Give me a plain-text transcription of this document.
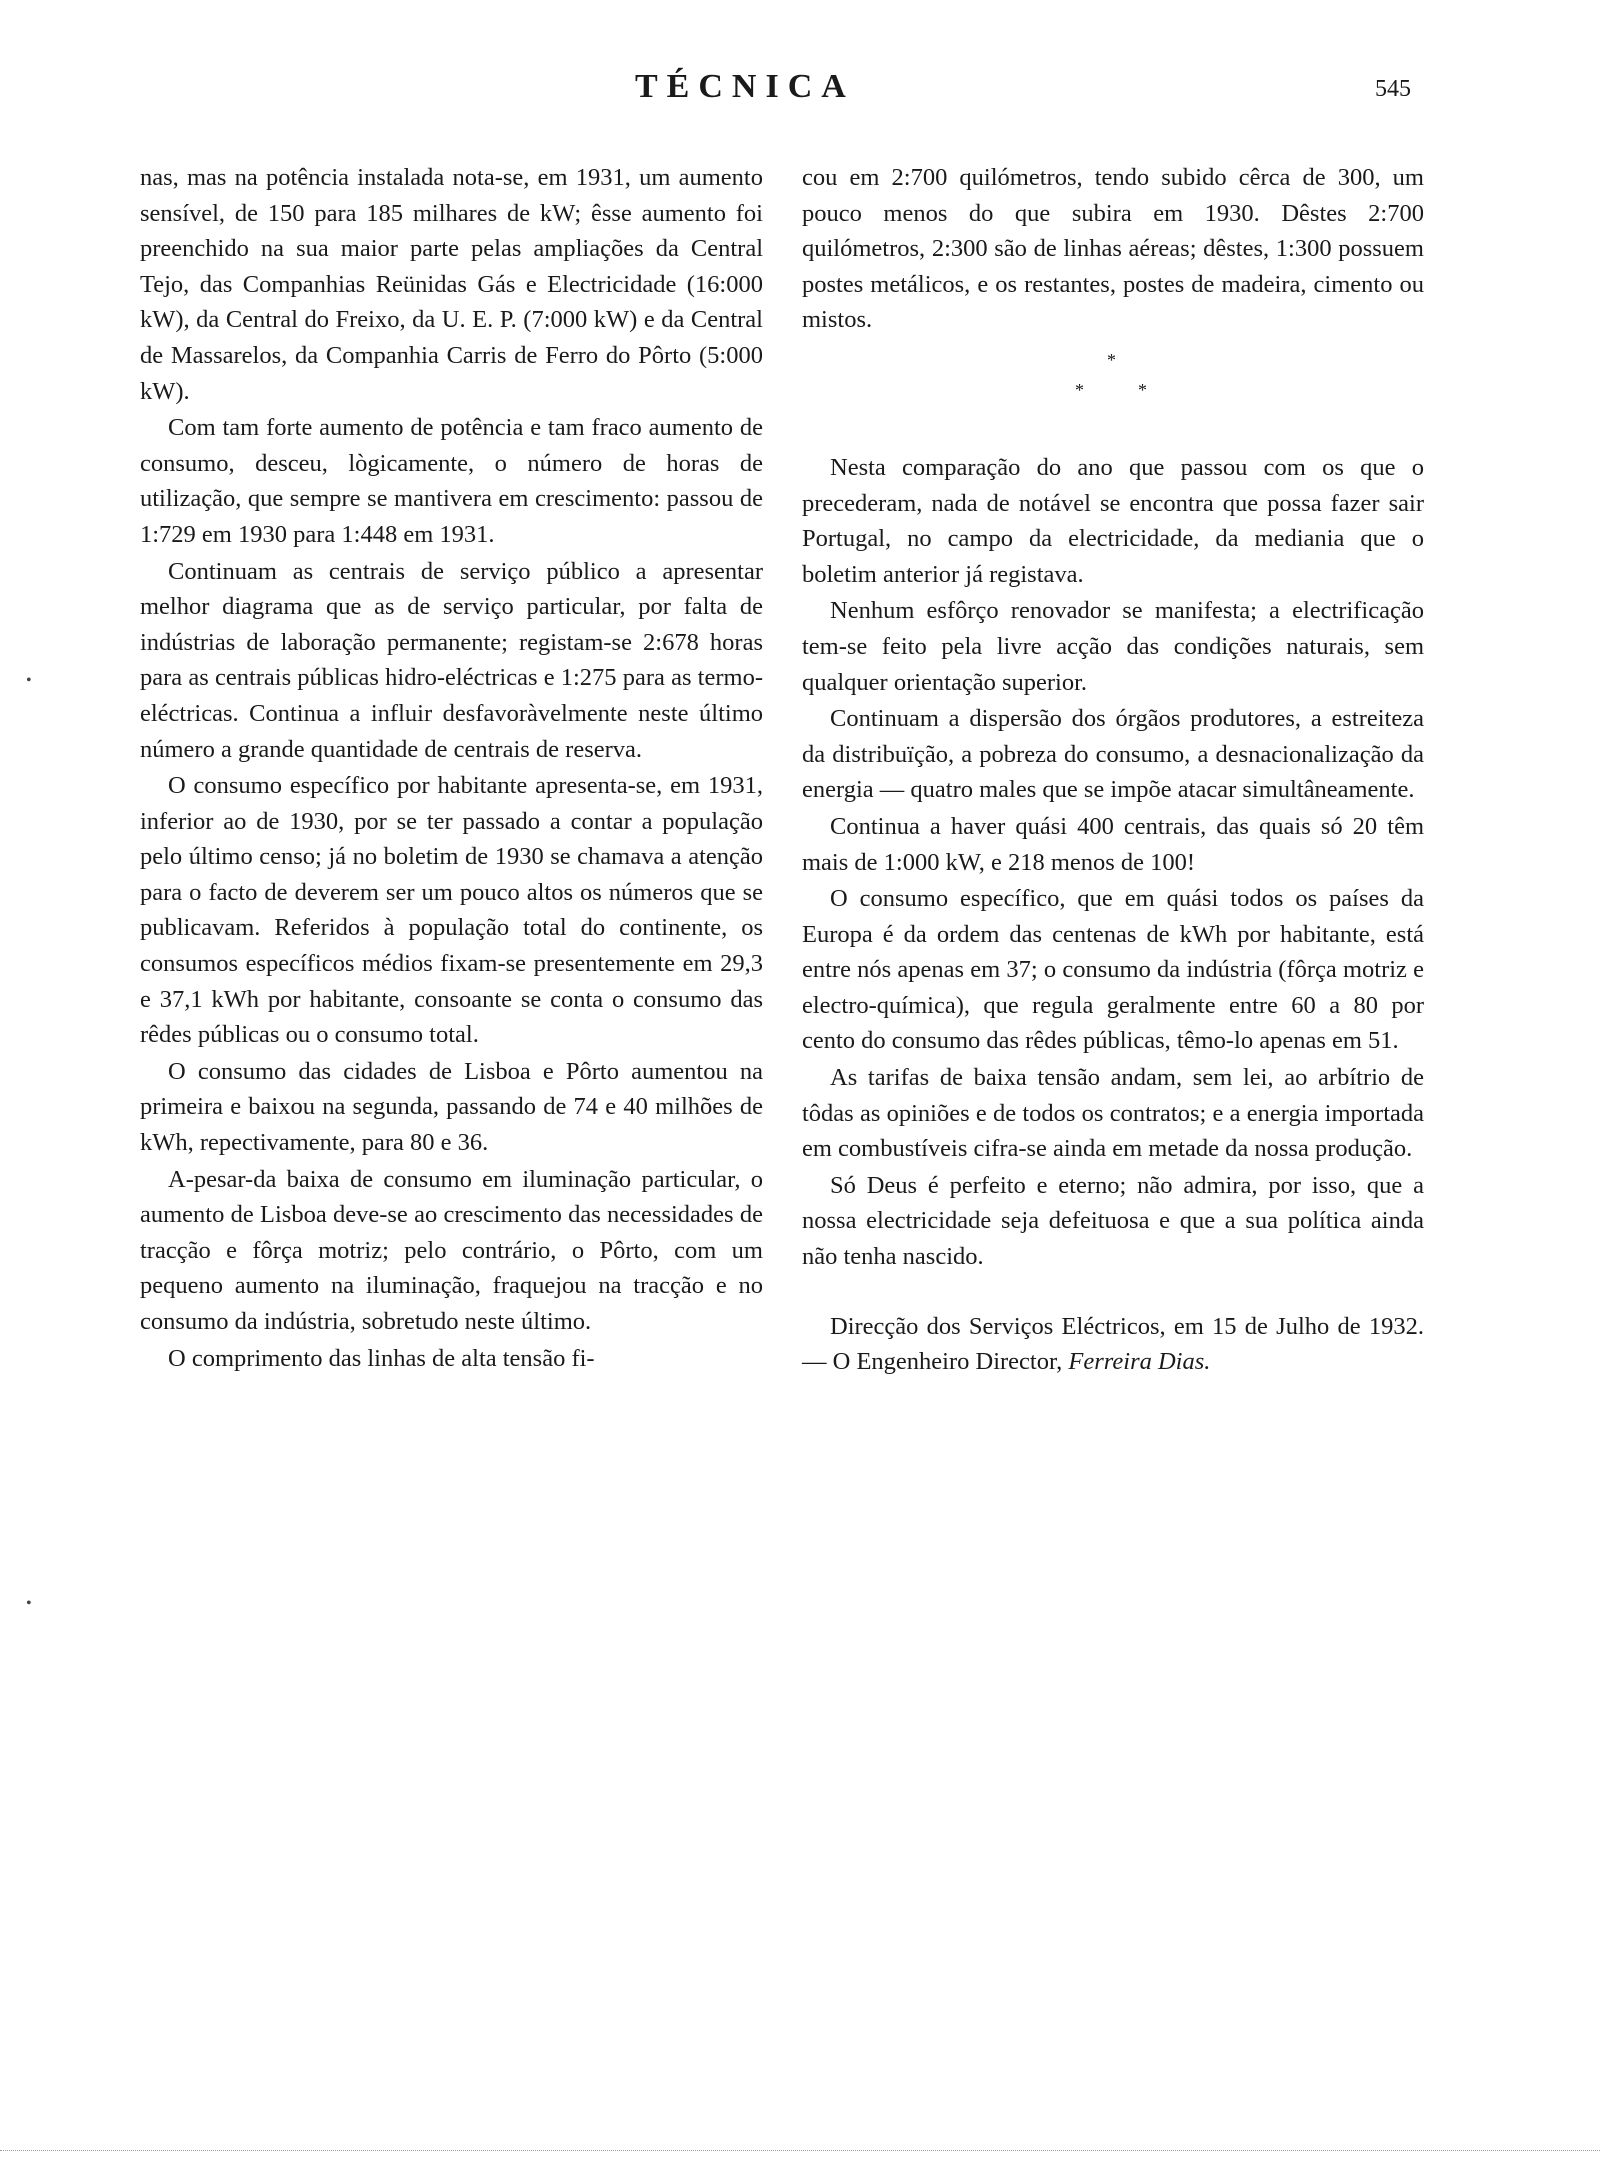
TÉCNICA	545

nas, mas na potência instalada nota-se, em 1931, um aumento sensível, de 150 para 185 milhares de kW; êsse aumento foi preenchido na sua maior parte pelas ampliações da Central Tejo, das Companhias Reünidas Gás e Electricidade (16:000 kW), da Central do Freixo, da U. E. P. (7:000 kW) e da Central de Massarelos, da Companhia Carris de Ferro do Pôrto (5:000 kW).

Com tam forte aumento de potência e tam fraco aumento de consumo, desceu, lògicamente, o número de horas de utilização, que sempre se mantivera em crescimento: passou de 1:729 em 1930 para 1:448 em 1931.

Continuam as centrais de serviço público a apresentar melhor diagrama que as de serviço particular, por falta de indústrias de laboração permanente; registam-se 2:678 horas para as centrais públicas hidro-eléctricas e 1:275 para as termo-eléctricas. Continua a influir desfavoràvelmente neste último número a grande quantidade de centrais de reserva.

O consumo específico por habitante apresenta-se, em 1931, inferior ao de 1930, por se ter passado a contar a população pelo último censo; já no boletim de 1930 se chamava a atenção para o facto de deverem ser um pouco altos os números que se publicavam. Referidos à população total do continente, os consumos específicos médios fixam-se presentemente em 29,3 e 37,1 kWh por habitante, consoante se conta o consumo das rêdes públicas ou o consumo total.

O consumo das cidades de Lisboa e Pôrto aumentou na primeira e baixou na segunda, passando de 74 e 40 milhões de kWh, repectivamente, para 80 e 36.

A-pesar-da baixa de consumo em iluminação particular, o aumento de Lisboa deve-se ao crescimento das necessidades de tracção e fôrça motriz; pelo contrário, o Pôrto, com um pequeno aumento na iluminação, fraquejou na tracção e no consumo da indústria, sobretudo neste último.

O comprimento das linhas de alta tensão fi-

cou em 2:700 quilómetros, tendo subido cêrca de 300, um pouco menos do que subira em 1930. Dêstes 2:700 quilómetros, 2:300 são de linhas aéreas; dêstes, 1:300 possuem postes metálicos, e os restantes, postes de madeira, cimento ou mistos.

*
*	*

Nesta comparação do ano que passou com os que o precederam, nada de notável se encontra que possa fazer sair Portugal, no campo da electricidade, da mediania que o boletim anterior já registava.

Nenhum esfôrço renovador se manifesta; a electrificação tem-se feito pela livre acção das condições naturais, sem qualquer orientação superior.

Continuam a dispersão dos órgãos produtores, a estreiteza da distribuïção, a pobreza do consumo, a desnacionalização da energia — quatro males que se impõe atacar simultâneamente.

Continua a haver quási 400 centrais, das quais só 20 têm mais de 1:000 kW, e 218 menos de 100!

O consumo específico, que em quási todos os países da Europa é da ordem das centenas de kWh por habitante, está entre nós apenas em 37; o consumo da indústria (fôrça motriz e electro-química), que regula geralmente entre 60 a 80 por cento do consumo das rêdes públicas, têmo-lo apenas em 51.

As tarifas de baixa tensão andam, sem lei, ao arbítrio de tôdas as opiniões e de todos os contratos; e a energia importada em combustíveis cifra-se ainda em metade da nossa produção.

Só Deus é perfeito e eterno; não admira, por isso, que a nossa electricidade seja defeituosa e que a sua política ainda não tenha nascido.

Direcção dos Serviços Eléctricos, em 15 de Julho de 1932. — O Engenheiro Director, Ferreira Dias.

•
•
